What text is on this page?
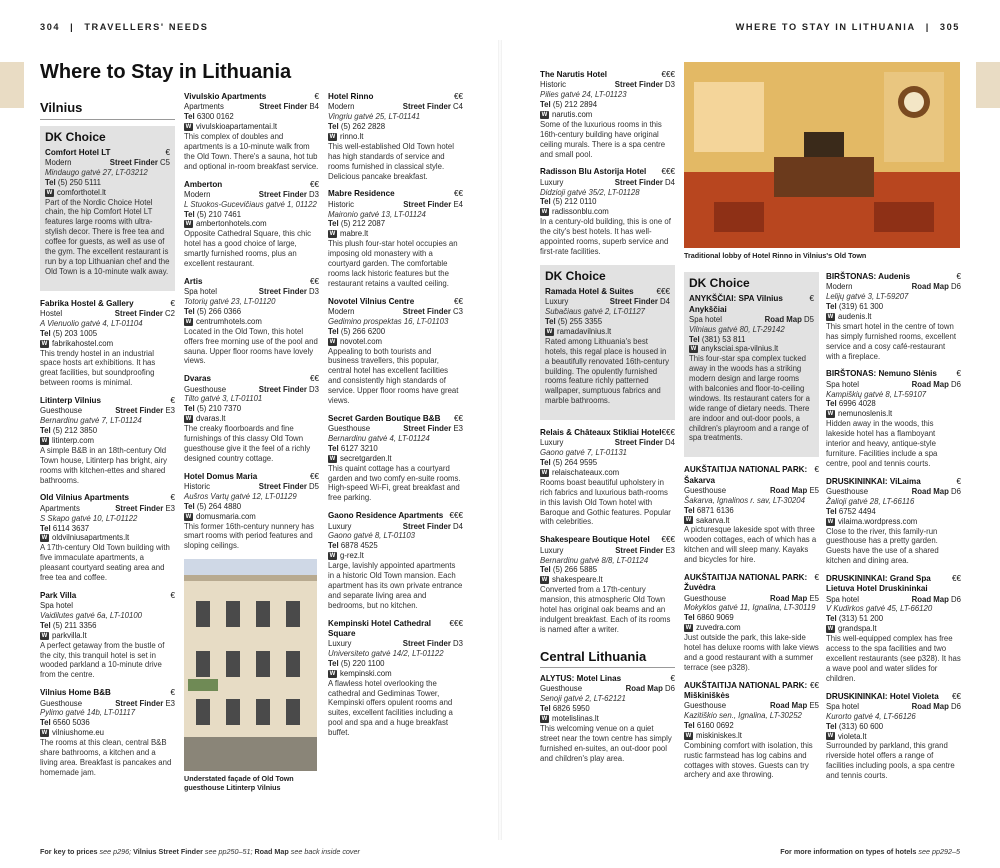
304 | TRAVELLERS' NEEDS	WHERE TO STAY IN LITHUANIA | 305
Where to Stay in Lithuania
Vilnius
DK Choice
€
Comfort Hotel LT
Street Finder C5
Modern
Mindaugo gatvė 27, LT-03212
Tel (5) 250 5111
W comforthotel.lt
Part of the Nordic Choice Hotel chain, the hip Comfort Hotel LT features large rooms with ultra-stylish decor. There is free tea and coffee for guests, as well as use of the gym. The excellent restaurant is run by a top Lithuanian chef and the Old Town is a 10-minute walk away.
€
Fabrika Hostel & Gallery
Street Finder C2
Hostel
A Vienuolio gatvė 4, LT-01104
Tel (5) 203 1005
W fabrikahostel.com
This trendy hostel in an industrial space hosts art exhibitions. It has great facilities, but soundproofing between rooms is minimal.
€
Litinterp Vilnius
Street Finder E3
Guesthouse
Bernardinu gatvė 7, LT-01124
Tel (5) 212 3850
W litinterp.com
A simple B&B in an 18th-century Old Town house, Litinterp has bright, airy rooms with kitchen-ettes and shared bathrooms.
€
Old Vilnius Apartments
Street Finder E3
Apartments
S Skapo gatvė 10, LT-01122
Tel 6114 3637
W oldvilniusapartments.lt
A 17th-century Old Town building with five immaculate apartments, a pleasant courtyard seating area and free tea and coffee.
€
Park Villa
Spa hotel
Vaidilutes gatvė 6a, LT-10100
Tel (5) 211 3356
W parkvilla.lt
A perfect getaway from the bustle of the city, this tranquil hotel is set in wooded parkland a 10-minute drive from the centre.
€
Vilnius Home B&B
Street Finder E3
Guesthouse
Pylimo gatvė 14b, LT-01117
Tel 6560 5036
W vilniushome.eu
The rooms at this clean, central B&B share bathrooms, a kitchen and a living area. Breakfast is pancakes and homemade jam.
€
Vivulskio Apartments
Street Finder B4
Apartments
Tel 6300 0162
W vivulskioapartamentai.lt
This complex of doubles and apartments is a 10-minute walk from the Old Town. There's a sauna, hot tub and optional in-room breakfast service.
€€
Amberton
Street Finder D3
Modern
L Stuokos-Gucevičiaus gatvė 1, 01122
Tel (5) 210 7461
W ambertonhotels.com
Opposite Cathedral Square, this chic hotel has a good choice of large, smartly furnished rooms, plus an excellent restaurant.
€€
Artis
Street Finder D3
Spa hotel
Totorių gatvė 23, LT-01120
Tel (5) 266 0366
W centrumhotels.com
Located in the Old Town, this hotel offers free morning use of the pool and sauna. Upper floor rooms have lovely views.
€€
Dvaras
Street Finder D3
Guesthouse
Tilto gatvė 3, LT-01101
Tel (5) 210 7370
W dvaras.lt
The creaky floorboards and fine furnishings of this classy Old Town guesthouse give it the feel of a richly designed country cottage.
€€
Hotel Domus Maria
Street Finder D5
Historic
Aušros Vartų gatvė 12, LT-01129
Tel (5) 264 4880
W domusmaria.com
This former 16th-century nunnery has smart rooms with period features and sloping ceilings.
Understated façade of Old Town guesthouse Litinterp Vilnius
€€
Hotel Rinno
Street Finder C4
Modern
Vingriu gatvė 25, LT-01141
Tel (5) 262 2828
W rinno.lt
This well-established Old Town hotel has high standards of service and rooms furnished in classical style. Delicious pancake breakfast.
€€
Mabre Residence
Street Finder E4
Historic
Maironio gatvė 13, LT-01124
Tel (5) 212 2087
W mabre.lt
This plush four-star hotel occupies an imposing old monastery with a courtyard garden. The comfortable rooms lack historic features but the restaurant retains a vaulted ceiling.
€€
Novotel Vilnius Centre
Street Finder C3
Modern
Gedimino prospektas 16, LT-01103
Tel (5) 266 6200
W novotel.com
Appealing to both tourists and business travellers, this popular, central hotel has excellent facilities and consistently high standards of service. Upper floor rooms have great views.
€€
Secret Garden Boutique B&B
Street Finder E3
Guesthouse
Bernardinu gatvė 4, LT-01124
Tel 6127 3210
W secretgarden.lt
This quaint cottage has a courtyard garden and two comfy en-suite rooms. High-speed Wi-Fi, great breakfast and free parking.
€€€
Gaono Residence Apartments
Street Finder D4
Luxury
Gaono gatvė 8, LT-01103
Tel 6878 4525
W g-rez.lt
Large, lavishly appointed apartments in a historic Old Town mansion. Each apartment has its own private entrance and separate living area and bedrooms, but no kitchen.
€€€
Kempinski Hotel Cathedral Square
Street Finder D3
Luxury
Universiteto gatvė 14/2, LT-01122
Tel (5) 220 1100
W kempinski.com
A flawless hotel overlooking the cathedral and Gediminas Tower, Kempinski offers opulent rooms and suites, excellent facilities including a pool and spa and a huge breakfast buffet.
€€€
The Narutis Hotel
Street Finder D3
Historic
Pilies gatvė 24, LT-01123
Tel (5) 212 2894
W narutis.com
Some of the luxurious rooms in this 16th-century building have original ceiling murals. There is a spa centre and small pool.
€€€
Radisson Blu Astorija Hotel
Street Finder D4
Luxury
Didzioji gatvė 35/2, LT-01128
Tel (5) 212 0110
W radissonblu.com
In a century-old building, this is one of the city's best hotels. It has well-appointed rooms, superb service and first-rate facilities.
DK Choice
€€€
Ramada Hotel & Suites
Street Finder D4
Luxury
Subačiaus gatvė 2, LT-01127
Tel (5) 255 3355
W ramadavilnius.lt
Rated among Lithuania's best hotels, this regal place is housed in a beautifully renovated 16th-century building. The opulently furnished rooms feature richly patterned wallpaper, sumptuous fabrics and marble bathrooms.
€€€
Relais & Châteaux Stikliai Hotel
Street Finder D4
Luxury
Gaono gatvė 7, LT-01131
Tel (5) 264 9595
W relaischateaux.com
Rooms boast beautiful upholstery in rich fabrics and luxurious bath-rooms in this lavish Old Town hotel with Baroque and Gothic features. Popular with celebrities.
€€€
Shakespeare Boutique Hotel
Street Finder E3
Luxury
Bernardinu gatvė 8/8, LT-01124
Tel (5) 266 5885
W shakespeare.lt
Converted from a 17th-century mansion, this atmospheric Old Town hotel has original oak beams and an indulgent breakfast. Each of its rooms is named after a writer.
Central Lithuania
€
ALYTUS: Motel Linas
Road Map D6
Guesthouse
Senoji gatvė 2, LT-62121
Tel 6826 5950
W motelislinas.lt
This welcoming venue on a quiet street near the town centre has simply furnished en-suites, an out-door pool and children's play area.
Traditional lobby of Hotel Rinno in Vilnius's Old Town
DK Choice
€
ANYKŠČIAI: SPA Vilnius Anykščiai
Road Map D5
Spa hotel
Vilniaus gatvė 80, LT-29142
Tel (381) 53 811
W anyksciai.spa-vilnius.lt
This four-star spa complex tucked away in the woods has a striking modern design and large rooms with balconies and floor-to-ceiling windows. Its restaurant caters for a wide range of dietary needs. There are indoor and out-door pools, a children's playroom and a range of spa treatments.
€
AUKŠTAITIJA NATIONAL PARK: Šakarva
Road Map E5
Guesthouse
Šakarva, Ignalinos r. sav, LT-30204
Tel 6871 6136
W sakarva.lt
A picturesque lakeside spot with three wooden cottages, each of which has a kitchen and will sleep many. Kayaks and bicycles for hire.
€
AUKŠTAITIJA NATIONAL PARK: Žuvėdra
Road Map E5
Guesthouse
Mokyklos gatvė 11, Ignalina, LT-30119
Tel 6860 9069
W zuvedra.com
Just outside the park, this lake-side hotel has deluxe rooms with lake views and a good restaurant with a summer terrace (see p328).
€€
AUKŠTAITIJA NATIONAL PARK: Miškiniškės
Road Map E5
Guesthouse
Kazitiškio sen., Ignalina, LT-30252
Tel 6160 0692
W miskiniskes.lt
Combining comfort with isolation, this rustic farmstead has log cabins and cottages with stoves. Guests can try archery and axe throwing.
€
BIRŠTONAS: Audenis
Road Map D6
Modern
Lelijų gatvė 3, LT-59207
Tel (319) 61 300
W audenis.lt
This smart hotel in the centre of town has simply furnished rooms, excellent service and a cosy café-restaurant with a fireplace.
€
BIRŠTONAS: Nemuno Slėnis
Road Map D6
Spa hotel
Kampiškių gatvė 8, LT-59107
Tel 6996 4028
W nemunoslenis.lt
Hidden away in the woods, this lakeside hotel has a flamboyant interior and heavy, antique-style furniture. Facilities include a spa centre, pool and tennis courts.
€
DRUSKININKAI: ViLaima
Road Map D6
Guesthouse
Žalioji gatvė 28, LT-66116
Tel 6752 4494
W vilaima.wordpress.com
Close to the river, this family-run guesthouse has a pretty garden. Guests have the use of a shared kitchen and dining area.
€€
DRUSKININKAI: Grand Spa Lietuva Hotel Druskininkai
Road Map D6
Spa hotel
V Kudirkos gatvė 45, LT-66120
Tel (313) 51 200
W grandspa.lt
This well-equipped complex has free access to the spa facilities and two excellent restaurants (see p328). It has a wave pool and water slides for children.
€€
DRUSKININKAI: Hotel Violeta
Road Map D6
Spa hotel
Kurorto gatvė 4, LT-66126
Tel (313) 60 600
W violeta.lt
Surrounded by parkland, this grand riverside hotel offers a range of facilities including pools, a spa centre and tennis courts.
For key to prices see p296; Vilnius Street Finder see pp250–51; Road Map see back inside cover	For more information on types of hotels see pp292–5
